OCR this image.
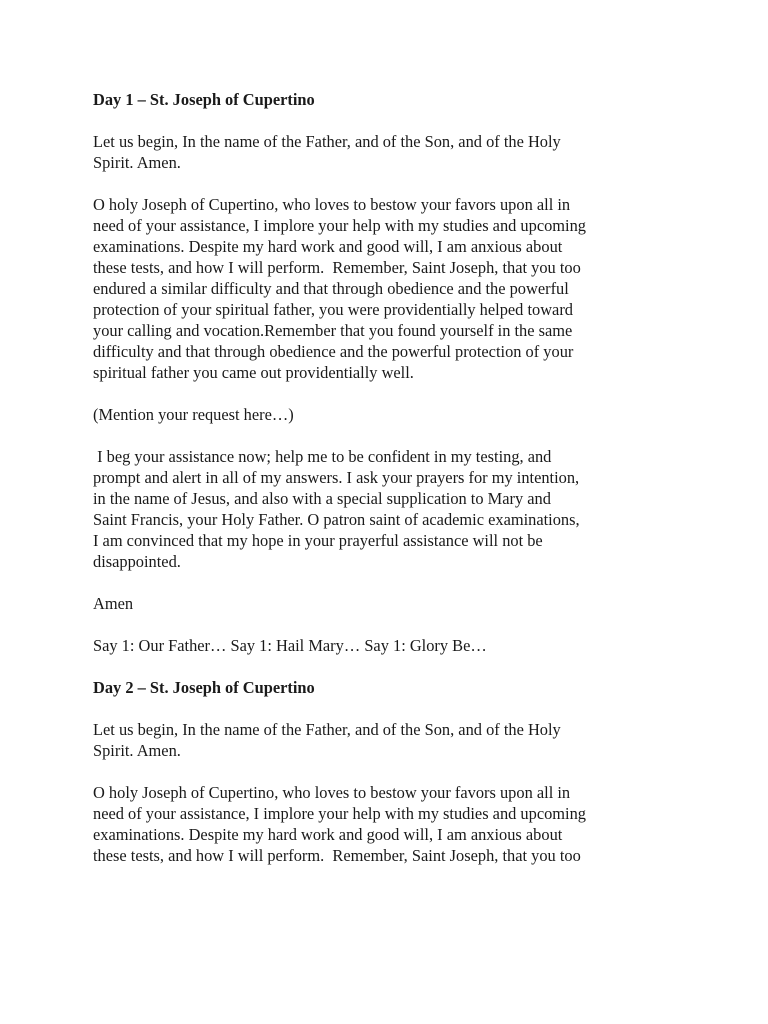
Day 1 – St. Joseph of Cupertino

Let us begin, In the name of the Father, and of the Son, and of the Holy
Spirit. Amen.

O holy Joseph of Cupertino, who loves to bestow your favors upon all in
need of your assistance, I implore your help with my studies and upcoming
examinations. Despite my hard work and good will, I am anxious about
these tests, and how I will perform.  Remember, Saint Joseph, that you too
endured a similar difficulty and that through obedience and the powerful
protection of your spiritual father, you were providentially helped toward
your calling and vocation.Remember that you found yourself in the same
difficulty and that through obedience and the powerful protection of your
spiritual father you came out providentially well.

(Mention your request here…)

I beg your assistance now; help me to be confident in my testing, and
prompt and alert in all of my answers. I ask your prayers for my intention,
in the name of Jesus, and also with a special supplication to Mary and
Saint Francis, your Holy Father. O patron saint of academic examinations,
I am convinced that my hope in your prayerful assistance will not be
disappointed.

Amen

Say 1: Our Father… Say 1: Hail Mary… Say 1: Glory Be…

Day 2 – St. Joseph of Cupertino

Let us begin, In the name of the Father, and of the Son, and of the Holy
Spirit. Amen.

O holy Joseph of Cupertino, who loves to bestow your favors upon all in
need of your assistance, I implore your help with my studies and upcoming
examinations. Despite my hard work and good will, I am anxious about
these tests, and how I will perform.  Remember, Saint Joseph, that you too
